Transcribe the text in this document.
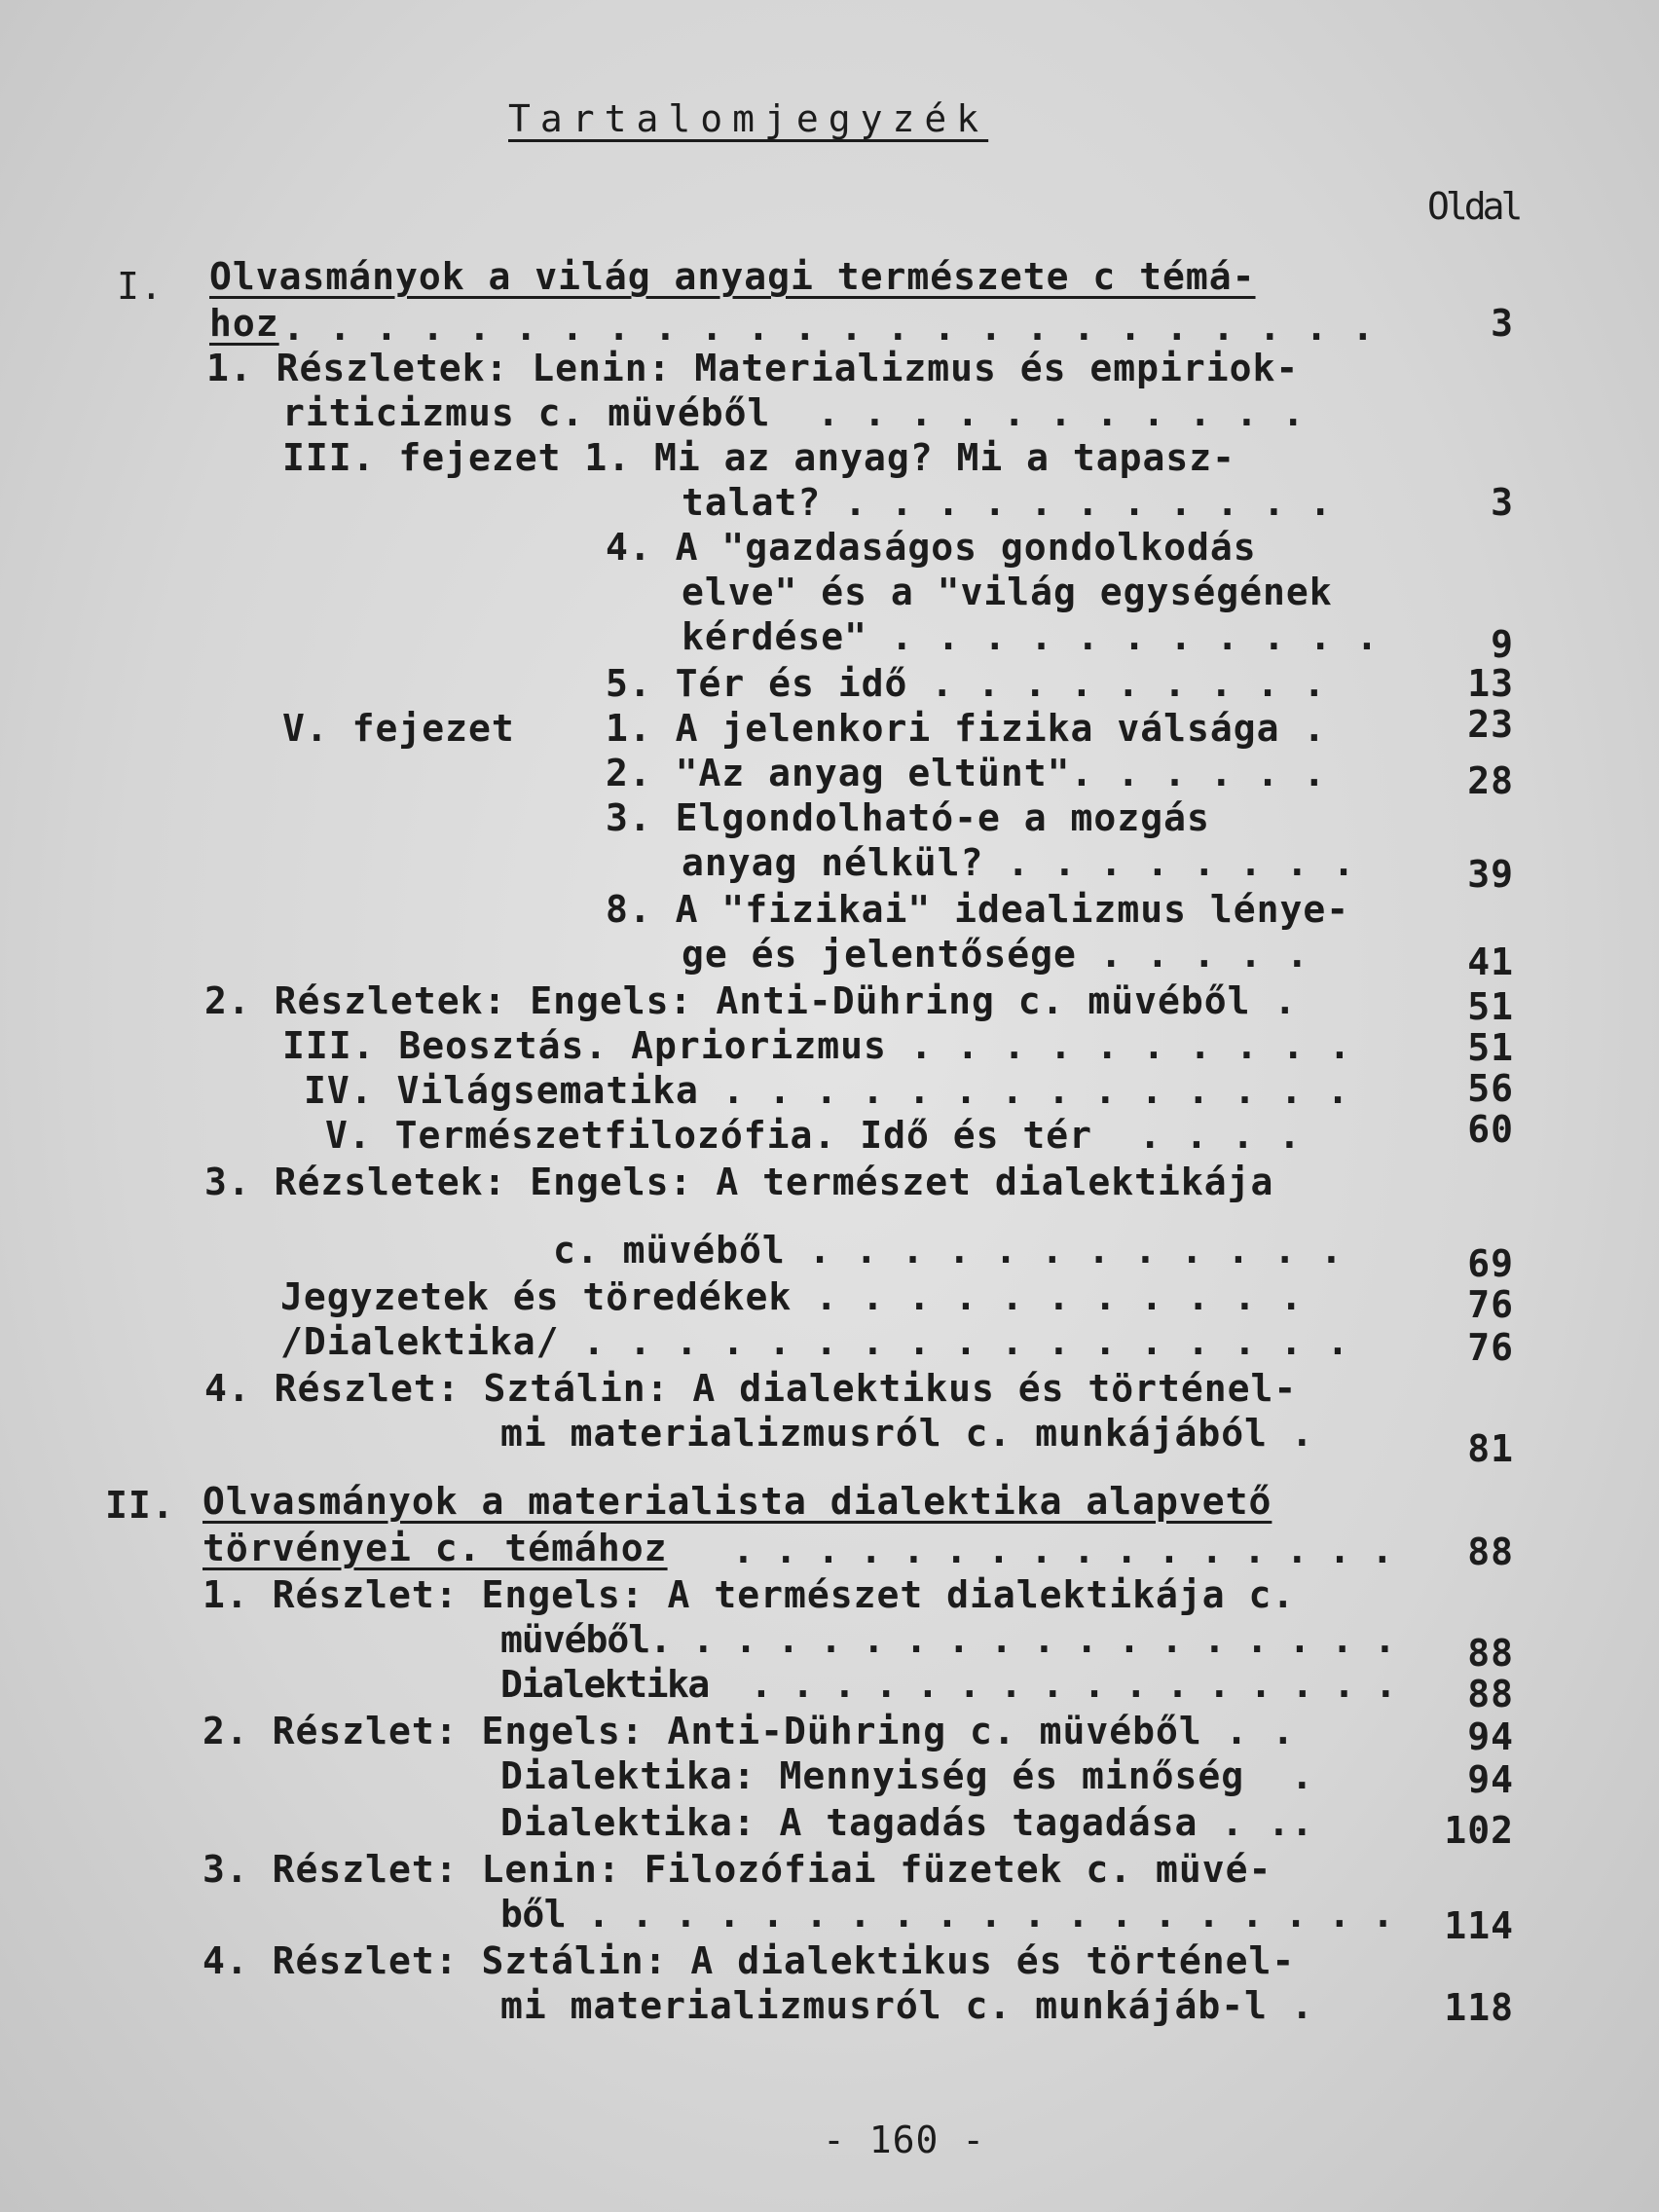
Tartalomjegyzék
Oldal
I. Olvasmányok a világ anyagi természete c témá-
hoz . . . . . . . . . . . . . . . . . . . . . . . .	3
1. Részletek: Lenin: Materializmus és empiriok-
riticizmus c. müvéből  . . . . . . . . . . .
III. fejezet 1. Mi az anyag? Mi a tapasz-
talat? . . . . . . . . . . .	3
4. A "gazdaságos gondolkodás
elve" és a "világ egységének
kérdése" . . . . . . . . . . .	9
5. Tér és idő . . . . . . . . .	13
V. fejezet 1. A jelenkori fizika válsága .	23
2. "Az anyag eltünt". . . . . .	28
3. Elgondolható-e a mozgás
anyag nélkül? . . . . . . . .	39
8. A "fizikai" idealizmus lénye-
ge és jelentősége . . . . .	41
2. Részletek: Engels: Anti-Dühring c. müvéből .	51
III. Beosztás. Apriorizmus . . . . . . . . . .	51
IV. Világsematika . . . . . . . . . . . . . .	56
V. Természetfilozófia. Idő és tér  . . . .	60
3. Rézsletek: Engels: A természet dialektikája
c. müvéből . . . . . . . . . . . .	69
Jegyzetek és töredékek . . . . . . . . . . .	76
/Dialektika/ . . . . . . . . . . . . . . . . .	76
4. Részlet: Sztálin: A dialektikus és történel-
mi materializmusról c. munkájából .	81
II. Olvasmányok a materialista dialektika alapvető
törvényei c. témához . . . . . . . . . . . . . . . .	88
1. Részlet: Engels: A természet dialektikája c.
müvéből. . . . . . . . . . . . . . . . . .	88
Dialektika  . . . . . . . . . . . . . . . .	88
2. Részlet: Engels: Anti-Dühring c. müvéből . .	94
Dialektika: Mennyiség és minőség  .	94
Dialektika: A tagadás tagadása . ..	102
3. Részlet: Lenin: Filozófiai füzetek c. müvé-
ből . . . . . . . . . . . . . . . . . . .	114
4. Részlet: Sztálin: A dialektikus és történel-
mi materializmusról c. munkájáb-l .	118
- 160 -
